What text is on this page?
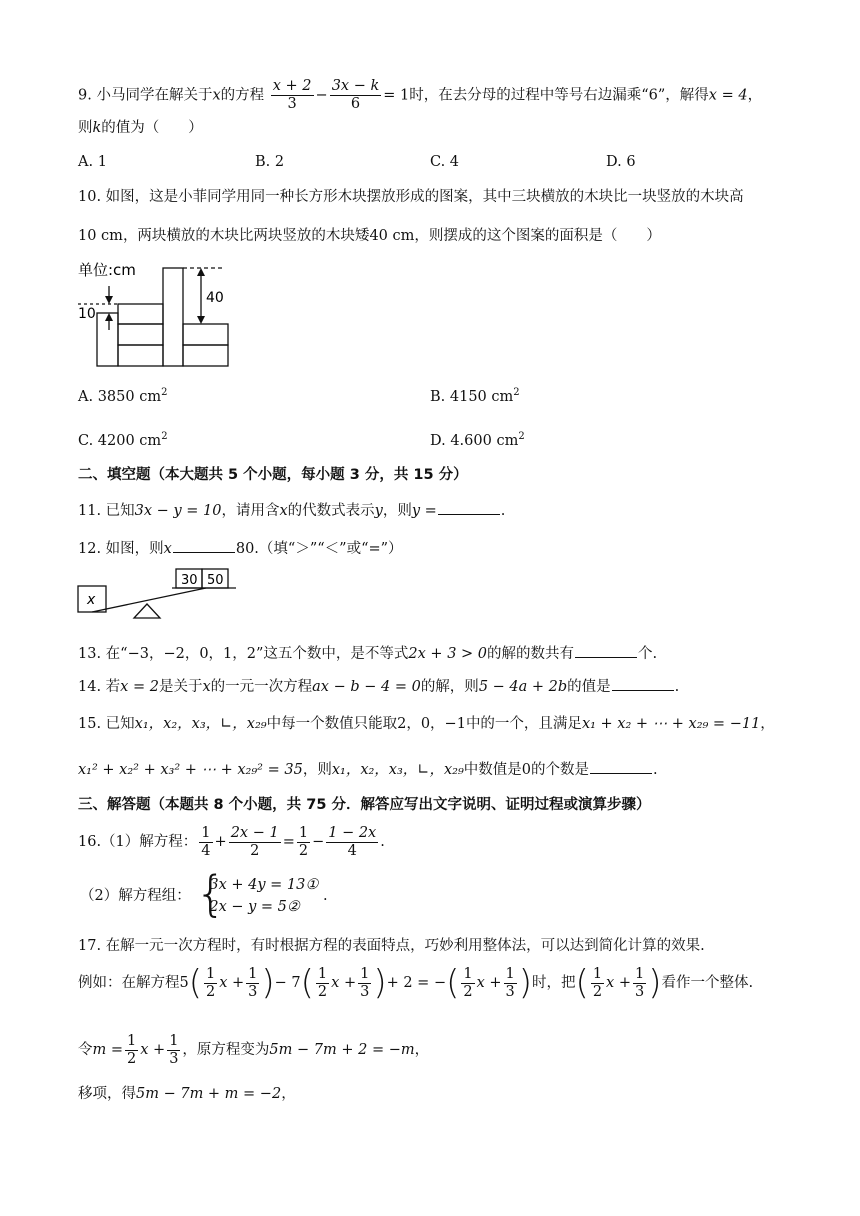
9. 小马同学在解关于x的方程 $\frac{x + 2}{3} - \frac{3x - k}{6} = 1$时，在去分母的过程中等号右边漏乘“6”，解得x = 4，
则k的值为（　　）
A. 1	B. 2	C. 4	D. 6
10. 如图，这是小菲同学用同一种长方形木块摆放形成的图案，其中三块横放的木块比一块竖放的木块高
10 cm，两块横放的木块比两块竖放的木块矮40 cm，则摆成的这个图案的面积是（　　）
单位:cm
10
40
A. 3850 $cm^2$	B. 4150 $cm^2$
C. 4200 $cm^2$	D. 4.600 $cm^2$
二、填空题（本大题共 5 个小题，每小题 3 分，共 15 分）
11. 已知3x − y = 10，请用含x的代数式表示y，则y =	.
12. 如图，则x	80.（填“＞”“＜”或“=”）
x
30 50
13. 在“−3，−2，0，1，2”这五个数中，是不等式2x + 3 > 0的解的数共有	个.
14. 若x = 2是关于x的一元一次方程ax − b − 4 = 0的解，则5 − 4a + 2b的值是	.
15. 已知x₁，x₂，x₃，∟，x₂₉中每一个数值只能取2，0，−1中的一个，且满足x₁ + x₂ + ⋯ + x₂₉ = −11，
x₁² + x₂² + x₃² + ⋯ + x₂₉² = 35，则x₁，x₂，x₃，∟，x₂₉中数值是0的个数是	.
三、解答题（本题共 8 个小题，共 75 分．解答应写出文字说明、证明过程或演算步骤）
16.（1）解方程： $\frac{1}{4} + \frac{2x - 1}{2} = \frac{1}{2} - \frac{1 - 2x}{4}$ .
（2）解方程组： {
3x + 4y = 13①
2x − y = 5②
.
17. 在解一元一次方程时，有时根据方程的表面特点，巧妙利用整体法，可以达到简化计算的效果.
例如：在解方程$5( \frac{1}{2}$ $x + \frac{1}{3}$ )− $7( \frac{1}{2}$ $x + \frac{1}{3}$ )+ 2 = −( $\frac{1}{2}$ $x + \frac{1}{3}$ )时，把( $\frac{1}{2}$ $x + \frac{1}{3}$ )看作一个整体.
令$m = \frac{1}{2}$ $x + \frac{1}{3}$ ，原方程变为5m − 7m + 2 = −m，
移项，得5m − 7m + m = −2，
